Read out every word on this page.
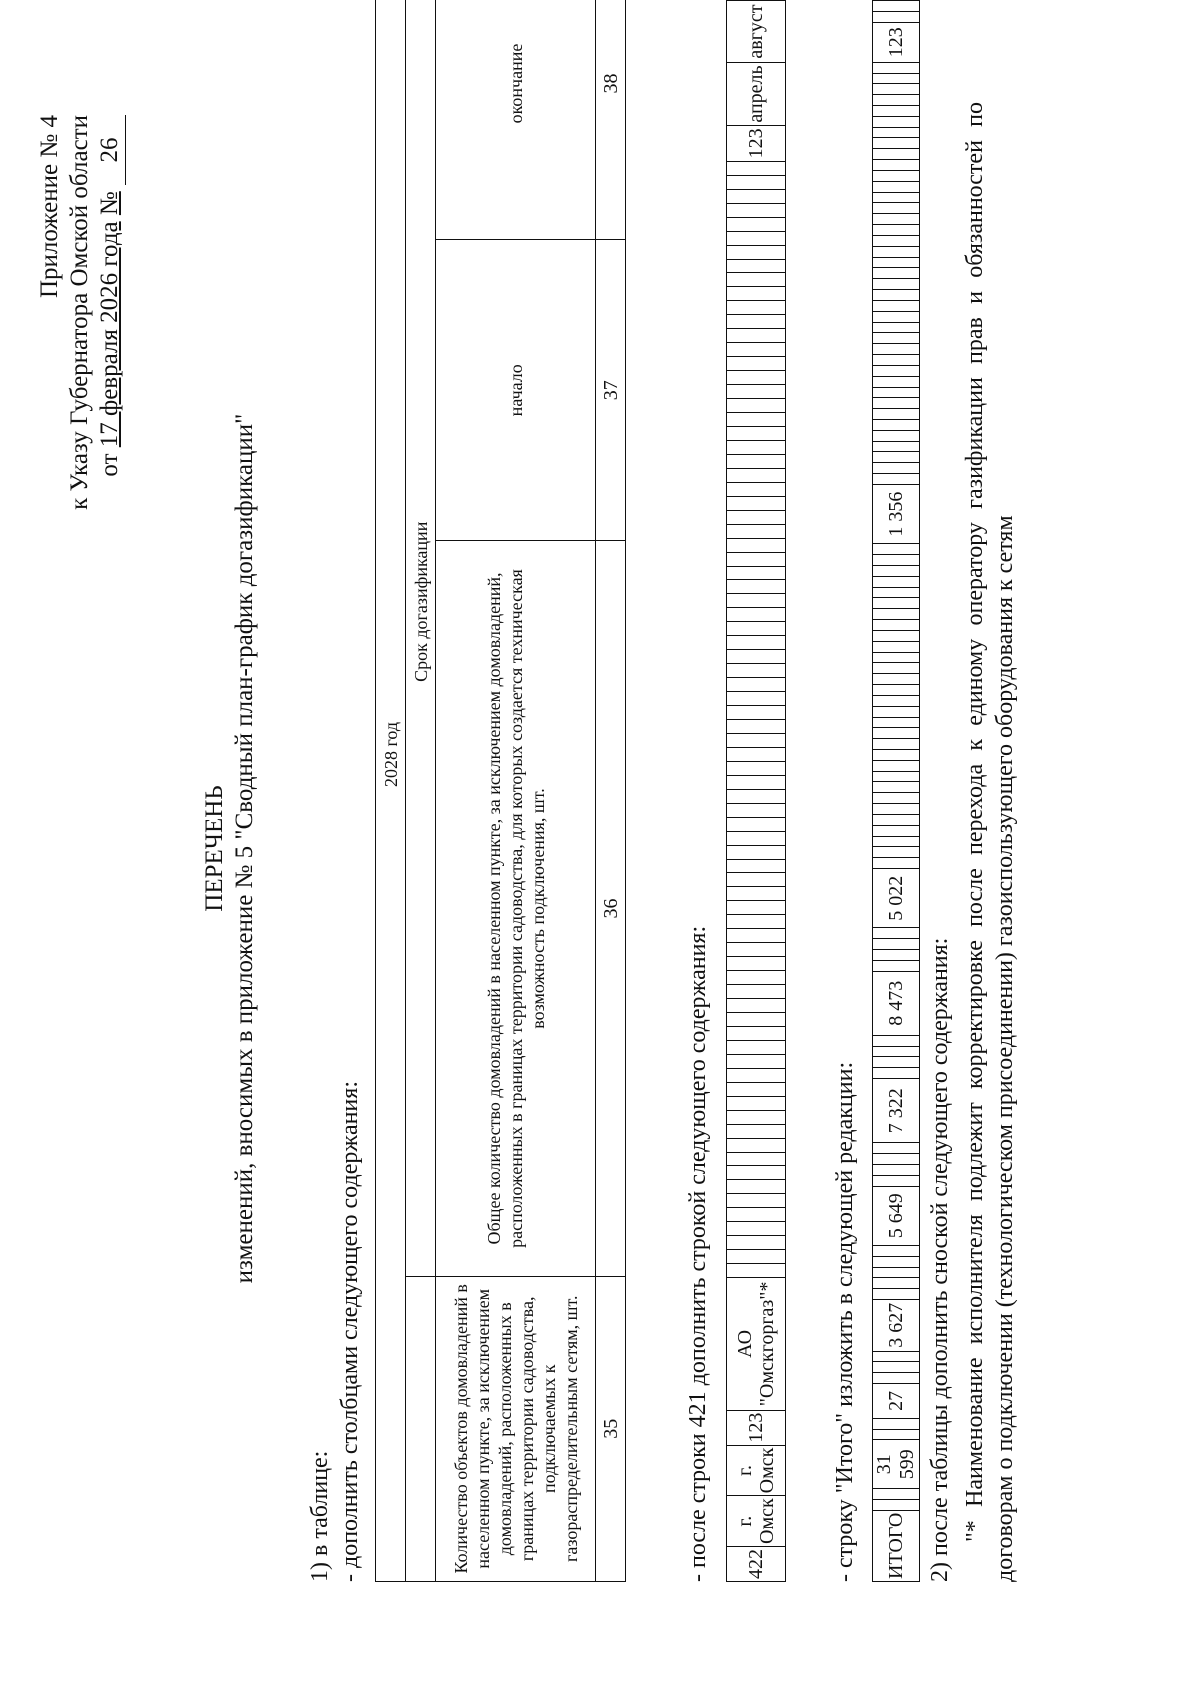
Приложение № 4 к Указу Губернатора Омской области от 17 февраля 2026 года № 26
ПЕРЕЧЕНЬ изменений, вносимых в приложение № 5 "Сводный план-график догазификации"
1) в таблице: - дополнить столбцами следующего содержания:
2028 год			
	Срок догазификации		
Количество объектов домовладений в населенном пункте, за исключением домовладений, расположенных в границах территории садоводства, подключаемых к газораспределительным сетям, шт.	Общее количество домовладений в населенном пункте, за исключением домовладений, расположенных в границах территории садоводства, для которых создается техническая возможность подключения, шт.	начало	окончание
35	36	37	38
- после строки 421 дополнить строкой следующего содержания: 422	г. Омск	г. Омск	123	АО "Омскгоргаз"*																																																																																	123	апрель	август
- строку "Итого" изложить в следующей редакции: ИТОГО			31 599			27				3 627						5 649					7 322					8 473					5 022																															1 356																																								123		
2) после таблицы дополнить сноской следующего содержания: "* Наименование исполнителя подлежит корректировке после перехода к единому оператору газификации прав и обязанностей по договорам о подключении (технологическом присоединении) газоиспользующего оборудования к сетям
